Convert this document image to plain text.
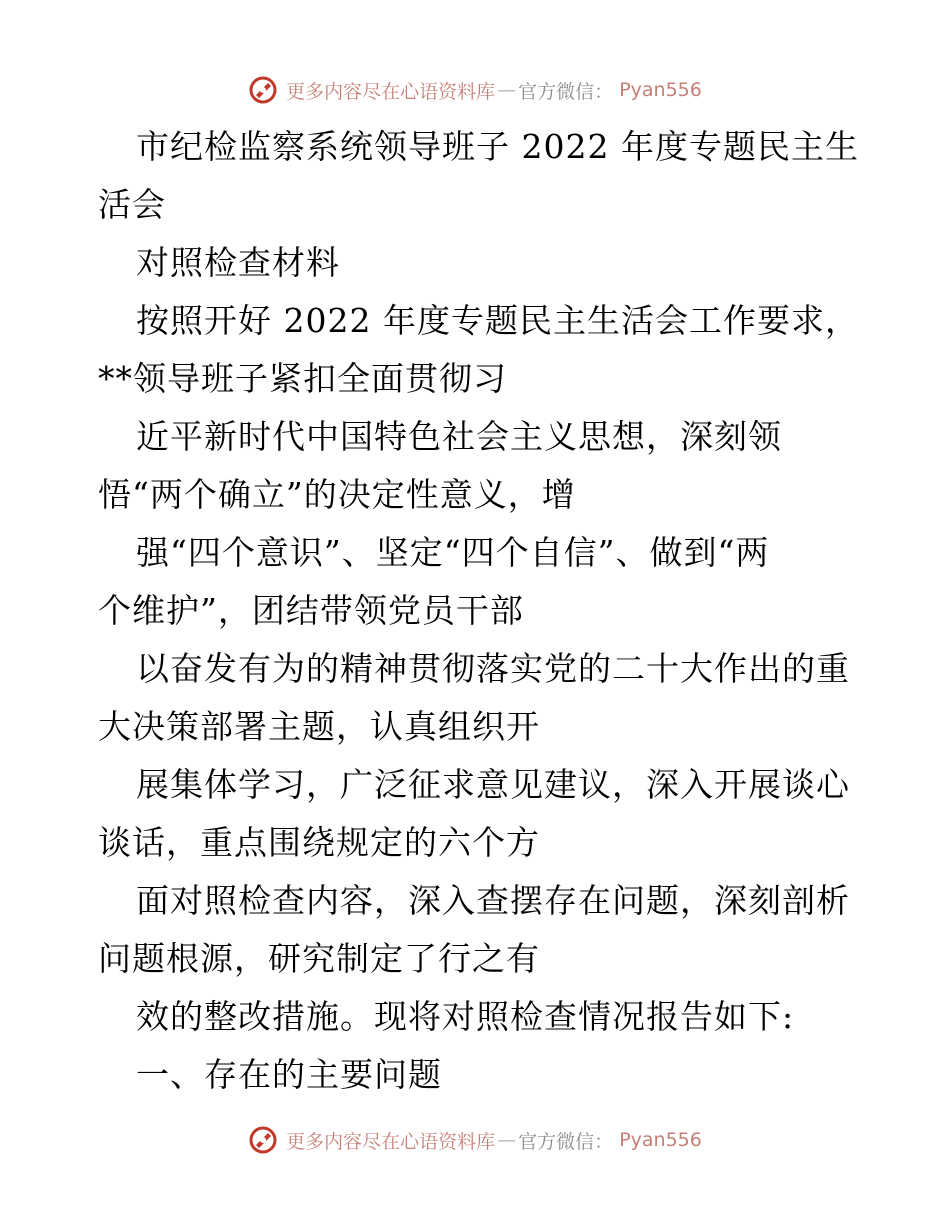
更多内容尽在心语资料库 — 官方微信： Pyan556
市纪检监察系统领导班子 2022 年度专题民主生
活会
对照检查材料
按照开好 2022 年度专题民主生活会工作要求，
**领导班子紧扣全面贯彻习
近平新时代中国特色社会主义思想，深刻领
悟“两个确立”的决定性意义，增
强“四个意识”、坚定“四个自信”、做到“两
个维护”，团结带领党员干部
以奋发有为的精神贯彻落实党的二十大作出的重
大决策部署主题，认真组织开
展集体学习，广泛征求意见建议，深入开展谈心
谈话，重点围绕规定的六个方
面对照检查内容，深入查摆存在问题，深刻剖析
问题根源，研究制定了行之有
效的整改措施。现将对照检查情况报告如下:
一、存在的主要问题
更多内容尽在心语资料库 — 官方微信： Pyan556
